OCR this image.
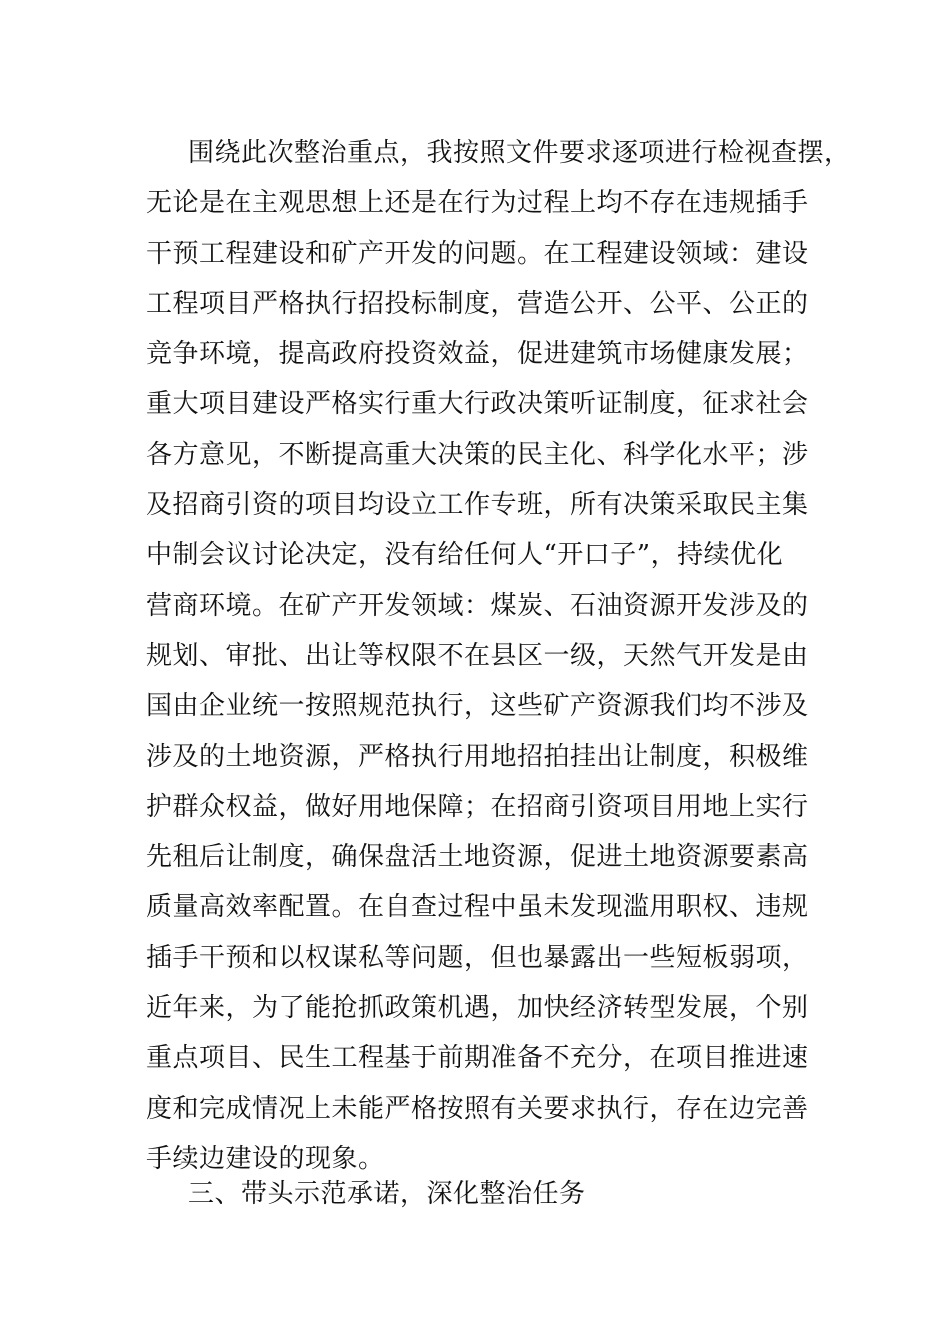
围绕此次整治重点，我按照文件要求逐项进行检视查摆，
无论是在主观思想上还是在行为过程上均不存在违规插手
干预工程建设和矿产开发的问题。在工程建设领域：建设
工程项目严格执行招投标制度，营造公开、公平、公正的
竞争环境，提高政府投资效益，促进建筑市场健康发展；
重大项目建设严格实行重大行政决策听证制度，征求社会
各方意见，不断提高重大决策的民主化、科学化水平；涉
及招商引资的项目均设立工作专班，所有决策采取民主集
中制会议讨论决定，没有给任何人“开口子”，持续优化
营商环境。在矿产开发领域：煤炭、石油资源开发涉及的
规划、审批、出让等权限不在县区一级，天然气开发是由
国由企业统一按照规范执行，这些矿产资源我们均不涉及
涉及的土地资源，严格执行用地招拍挂出让制度，积极维
护群众权益，做好用地保障；在招商引资项目用地上实行
先租后让制度，确保盘活土地资源，促进土地资源要素高
质量高效率配置。在自查过程中虽未发现滥用职权、违规
插手干预和以权谋私等问题，但也暴露出一些短板弱项，
近年来，为了能抢抓政策机遇，加快经济转型发展，个别
重点项目、民生工程基于前期准备不充分，在项目推进速
度和完成情况上未能严格按照有关要求执行，存在边完善
手续边建设的现象。

三、带头示范承诺，深化整治任务
